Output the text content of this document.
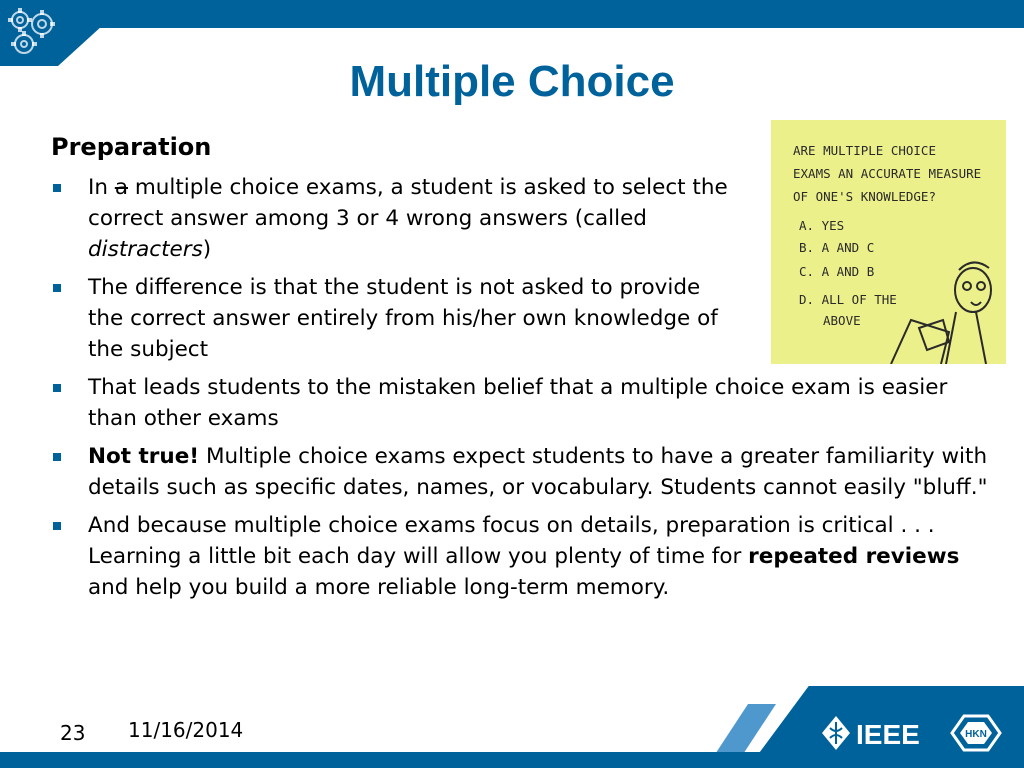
Multiple Choice
Preparation
In a multiple choice exams, a student is asked to select the correct answer among 3 or 4 wrong answers (called distracters)
The difference is that the student is not asked to provide the correct answer entirely from his/her own knowledge of the subject
That leads students to the mistaken belief that a multiple choice exam is easier than other exams
Not true! Multiple choice exams expect students to have a greater familiarity with details such as specific dates, names, or vocabulary. Students cannot easily "bluff."
And because multiple choice exams focus on details, preparation is critical . . . Learning a little bit each day will allow you plenty of time for repeated reviews and help you build a more reliable long-term memory.
ARE MULTIPLE CHOICE
EXAMS AN ACCURATE MEASURE
OF ONE'S KNOWLEDGE?
A. YES
B. A AND C
C. A AND B
D. ALL OF THE
ABOVE
23 11/16/2014	IEEE	HKN
